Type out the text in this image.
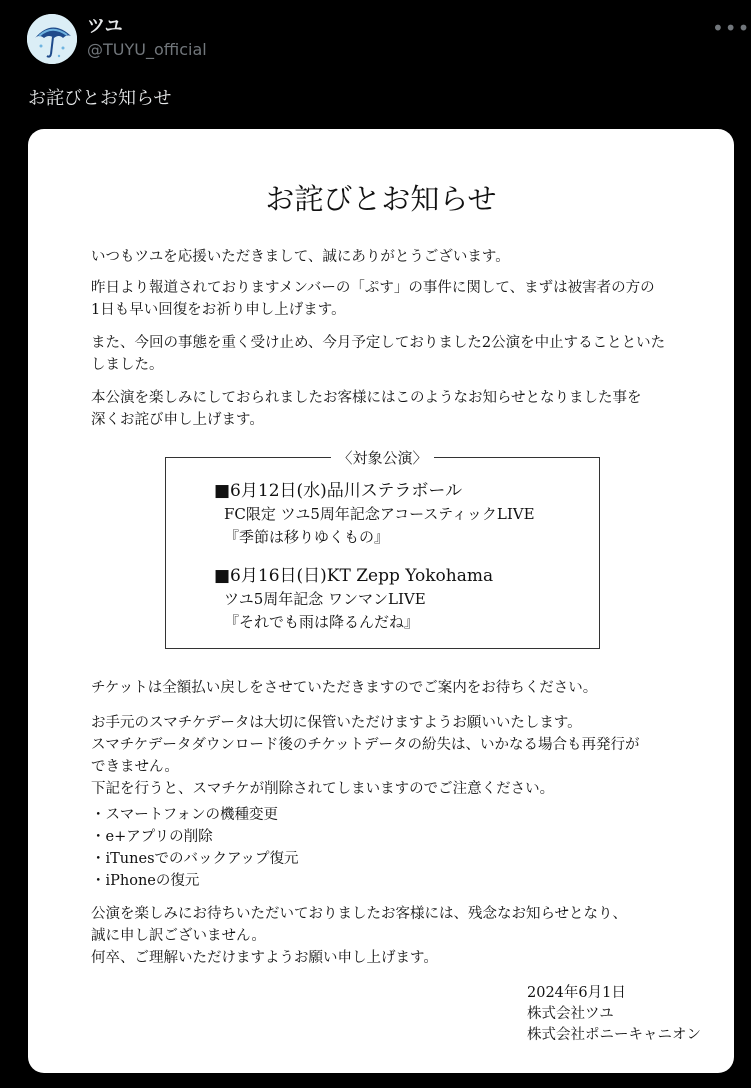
ツユ
@TUYU_official
•••
お詫びとお知らせ
お詫びとお知らせ
いつもツユを応援いただきまして、誠にありがとうございます。
昨日より報道されておりますメンバーの「ぷす」の事件に関して、まずは被害者の方の
1日も早い回復をお祈り申し上げます。
また、今回の事態を重く受け止め、今月予定しておりました2公演を中止することといた
しました。
本公演を楽しみにしておられましたお客様にはこのようなお知らせとなりました事を
深くお詫び申し上げます。
〈対象公演〉
■6月12日(水)品川ステラボール
FC限定 ツユ5周年記念アコースティックLIVE
『季節は移りゆくもの』
■6月16日(日)KT Zepp Yokohama
ツユ5周年記念 ワンマンLIVE
『それでも雨は降るんだね』
チケットは全額払い戻しをさせていただきますのでご案内をお待ちください。
お手元のスマチケデータは大切に保管いただけますようお願いいたします。
スマチケデータダウンロード後のチケットデータの紛失は、いかなる場合も再発行が
できません。
下記を行うと、スマチケが削除されてしまいますのでご注意ください。
・スマートフォンの機種変更
・e+アプリの削除
・iTunesでのバックアップ復元
・iPhoneの復元
公演を楽しみにお待ちいただいておりましたお客様には、残念なお知らせとなり、
誠に申し訳ございません。
何卒、ご理解いただけますようお願い申し上げます。
2024年6月1日
株式会社ツユ
株式会社ポニーキャニオン
